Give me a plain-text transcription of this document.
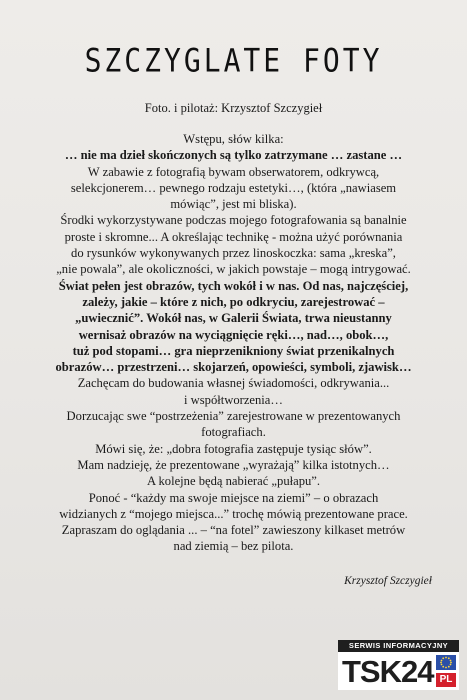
SZCZYGLATE FOTY
Foto. i pilotaż: Krzysztof Szczygieł
Wstępu, słów kilka:
… nie ma dzieł skończonych są tylko zatrzymane … zastane …
W zabawie z fotografią bywam obserwatorem, odkrywcą,
selekcjonerem… pewnego rodzaju estetyki…, (która „nawiasem
mówiąc”, jest mi bliska).
Środki wykorzystywane podczas mojego fotografowania są banalnie
proste i skromne... A określając technikę - można użyć porównania
do rysunków wykonywanych przez linoskoczka: sama „kreska”,
„nie powala”, ale okoliczności, w jakich powstaje – mogą intrygować.
Świat pełen jest obrazów, tych wokół i w nas. Od nas, najczęściej,
zależy, jakie – które z nich, po odkryciu, zarejestrować –
„uwiecznić”. Wokół nas, w Galerii Świata, trwa nieustanny
wernisaż obrazów na wyciągnięcie ręki…, nad…, obok…,
tuż pod stopami… gra nieprzenikniony świat przenikalnych
obrazów… przestrzeni… skojarzeń, opowieści, symboli, zjawisk…
Zachęcam do budowania własnej świadomości, odkrywania...
i współtworzenia…
Dorzucając swe “postrzeżenia” zarejestrowane w prezentowanych
fotografiach.
Mówi się, że: „dobra fotografia zastępuje tysiąc słów”.
Mam nadzieję, że prezentowane „wyrażają” kilka istotnych…
A kolejne będą nabierać „pułapu”.
Ponoć - “każdy ma swoje miejsce na ziemi” – o obrazach
widzianych z “mojego miejsca...” trochę mówią prezentowane prace.
Zapraszam do oglądania ... – “na fotel” zawieszony kilkaset metrów
nad ziemią – bez pilota.
Krzysztof Szczygieł
SERWIS INFORMACYJNY
TSK24 PL
